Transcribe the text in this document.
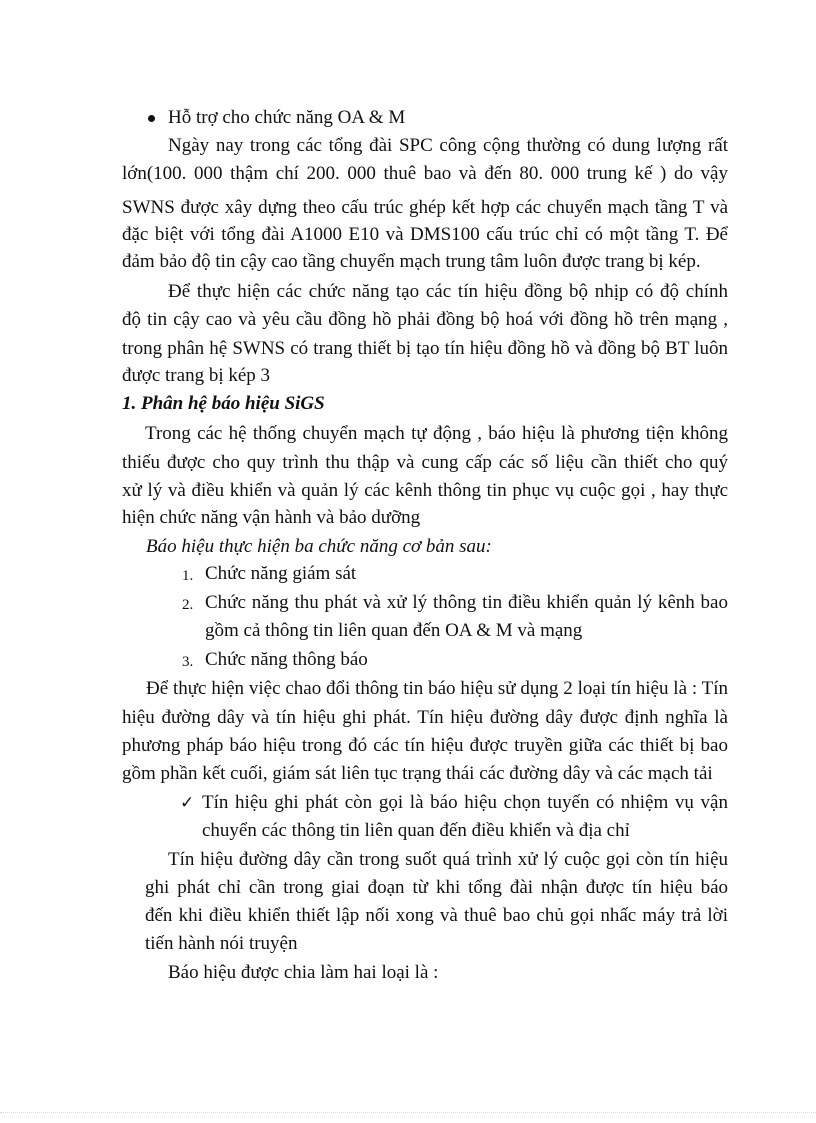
Hỗ trợ cho chức năng OA & M
Ngày nay trong các tổng đài SPC công cộng thường có dung lượng rất
lớn(100. 000 thậm chí 200. 000 thuê bao và đến 80. 000 trung kế ) do vậy
SWNS được xây dựng theo cấu trúc ghép kết hợp các chuyển mạch tầng T và
đặc biệt với tổng đài A1000 E10 và DMS100 cấu trúc chỉ có một tầng T. Để
đảm bảo độ tin cậy cao tầng chuyển mạch trung tâm luôn được trang bị kép.
Để thực hiện các chức năng tạo các tín hiệu đồng bộ nhịp có độ chính
độ tin cậy cao và yêu cầu đồng hồ phải đồng bộ hoá với đồng hồ trên mạng ,
trong phân hệ SWNS có trang thiết bị tạo tín hiệu đồng hồ và đồng bộ BT luôn
được trang bị kép 3
1. Phân hệ báo hiệu SiGS
Trong các hệ thống chuyển mạch tự động , báo hiệu là phương tiện không
thiếu được cho quy trình thu thập và cung cấp các số liệu cần thiết cho quý
xử lý và điều khiển và quản lý các kênh thông tin phục vụ cuộc gọi , hay thực
hiện chức năng vận hành và bảo dưỡng
Báo hiệu thực hiện ba chức năng cơ bản sau:
1. Chức năng giám sát
2. Chức năng thu phát và xử lý thông tin điều khiển quản lý kênh bao
gồm cả thông tin liên quan đến OA & M và mạng
3. Chức năng thông báo
Để thực hiện việc chao đổi thông tin báo hiệu sử dụng 2 loại tín hiệu là : Tín
hiệu đường dây và tín hiệu ghi phát. Tín hiệu đường dây được định nghĩa là
phương pháp báo hiệu trong đó các tín hiệu được truyền giữa các thiết bị bao
gồm phần kết cuối, giám sát liên tục trạng thái các đường dây và các mạch tải
✓ Tín hiệu ghi phát còn gọi là báo hiệu chọn tuyến có nhiệm vụ vận
chuyển các thông tin liên quan đến điều khiển và địa chỉ
Tín hiệu đường dây cần trong suốt quá trình xử lý cuộc gọi còn tín hiệu
ghi phát chỉ cần trong giai đoạn từ khi tổng đài nhận được tín hiệu báo
đến khi điều khiển thiết lập nối xong và thuê bao chủ gọi nhấc máy trả lời
tiến hành nói truyện
Báo hiệu được chia làm hai loại là :
